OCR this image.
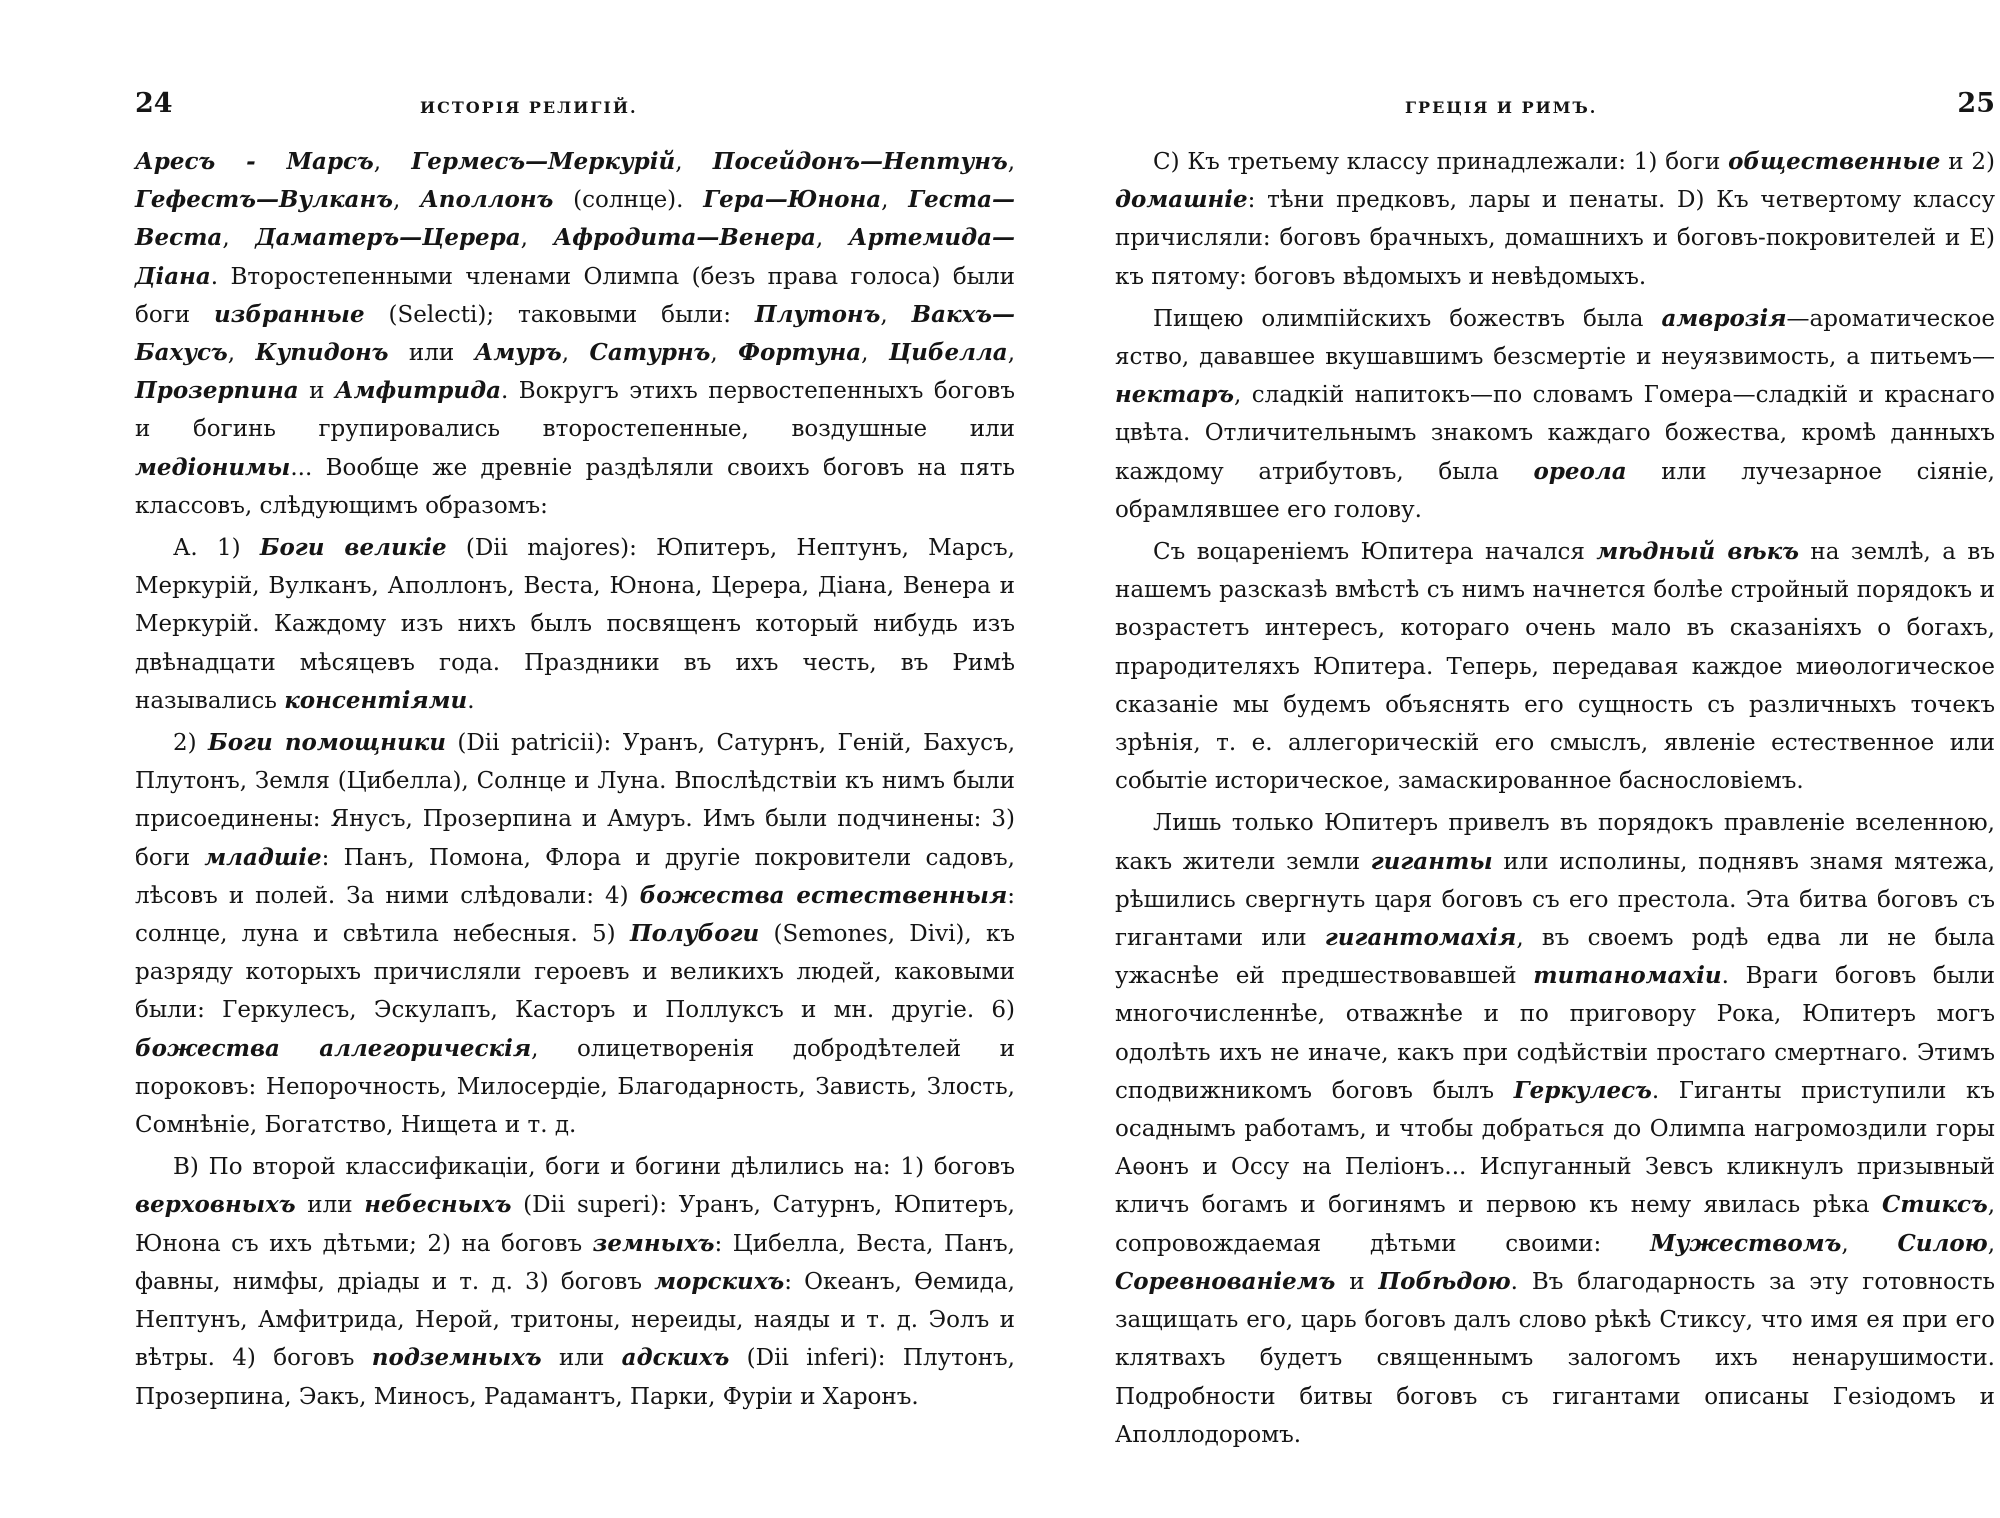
24	ИСТОРІЯ РЕЛИГІЙ.

Аресъ - Марсъ, Гермесъ—Меркурій, Посейдонъ—Нептунъ, Гефестъ—Вулканъ, Аполлонъ (солнце). Гера—Юнона, Геста—Веста, Даматеръ—Церера, Афродита—Венера, Артемида—Діана. Второстепенными членами Олимпа (безъ права голоса) были боги избранные (Selecti); таковыми были: Плутонъ, Вакхъ—Бахусъ, Купидонъ или Амуръ, Сатурнъ, Фортуна, Цибелла, Прозерпина и Амфитрида. Вокругъ этихъ первостепенныхъ боговъ и богинь групировались второстепенные, воздушные или медіонимы... Вообще же древніе раздѣляли своихъ боговъ на пять классовъ, слѣдующимъ образомъ:

А. 1) Боги великіе (Dii majores): Юпитеръ, Нептунъ, Марсъ, Меркурій, Вулканъ, Аполлонъ, Веста, Юнона, Церера, Діана, Венера и Меркурій. Каждому изъ нихъ былъ посвященъ который нибудь изъ двѣнадцати мѣсяцевъ года. Праздники въ ихъ честь, въ Римѣ назывались консентіями.

2) Боги помощники (Dii patricii): Уранъ, Сатурнъ, Геній, Бахусъ, Плутонъ, Земля (Цибелла), Солнце и Луна. Впослѣдствіи къ нимъ были присоединены: Янусъ, Прозерпина и Амуръ. Имъ были подчинены: 3) боги младшіе: Панъ, Помона, Флора и другіе покровители садовъ, лѣсовъ и полей. За ними слѣдовали: 4) божества естественныя: солнце, луна и свѣтила небесныя. 5) Полубоги (Semones, Divi), къ разряду которыхъ причисляли героевъ и великихъ людей, каковыми были: Геркулесъ, Эскулапъ, Касторъ и Поллуксъ и мн. другіе. 6) божества аллегорическія, олицетворенія добродѣтелей и пороковъ: Непорочность, Милосердіе, Благодарность, Зависть, Злость, Сомнѣніе, Богатство, Нищета и т. д.

В) По второй классификаціи, боги и богини дѣлились на: 1) боговъ верховныхъ или небесныхъ (Dii superi): Уранъ, Сатурнъ, Юпитеръ, Юнона съ ихъ дѣтьми; 2) на боговъ земныхъ: Цибелла, Веста, Панъ, фавны, нимфы, дріады и т. д. 3) боговъ морскихъ: Океанъ, Ѳемида, Нептунъ, Амфитрида, Нерой, тритоны, нереиды, наяды и т. д. Эолъ и вѣтры. 4) боговъ подземныхъ или адскихъ (Dii inferi): Плутонъ, Прозерпина, Эакъ, Миносъ, Радамантъ, Парки, Фуріи и Харонъ.

ГРЕЦІЯ И РИМЪ.	25

С) Къ третьему классу принадлежали: 1) боги общественные и 2) домашніе: тѣни предковъ, лары и пенаты. D) Къ четвертому классу причисляли: боговъ брачныхъ, домашнихъ и боговъ-покровителей и Е) къ пятому: боговъ вѣдомыхъ и невѣдомыхъ.

Пищею олимпійскихъ божествъ была амврозія—ароматическое яство, дававшее вкушавшимъ безсмертіе и неуязвимость, а питьемъ—нектаръ, сладкій напитокъ—по словамъ Гомера—сладкій и краснаго цвѣта. Отличительнымъ знакомъ каждаго божества, кромѣ данныхъ каждому атрибутовъ, была ореола или лучезарное сіяніе, обрамлявшее его голову.

Съ воцареніемъ Юпитера начался мѣдный вѣкъ на землѣ, а въ нашемъ разсказѣ вмѣстѣ съ нимъ начнется болѣе стройный порядокъ и возрастетъ интересъ, котораго очень мало въ сказаніяхъ о богахъ, прародителяхъ Юпитера. Теперь, передавая каждое миѳологическое сказаніе мы будемъ объяснять его сущность съ различныхъ точекъ зрѣнія, т. е. аллегорическій его смыслъ, явленіе естественное или событіе историческое, замаскированное баснословіемъ.

Лишь только Юпитеръ привелъ въ порядокъ правленіе вселенною, какъ жители земли гиганты или исполины, поднявъ знамя мятежа, рѣшились свергнуть царя боговъ съ его престола. Эта битва боговъ съ гигантами или гигантомахія, въ своемъ родѣ едва ли не была ужаснѣе ей предшествовавшей титаномахіи. Враги боговъ были многочисленнѣе, отважнѣе и по приговору Рока, Юпитеръ могъ одолѣть ихъ не иначе, какъ при содѣйствіи простаго смертнаго. Этимъ сподвижникомъ боговъ былъ Геркулесъ. Гиганты приступили къ осаднымъ работамъ, и чтобы добраться до Олимпа нагромоздили горы Аѳонъ и Оссу на Пеліонъ... Испуганный Зевсъ кликнулъ призывный кличъ богамъ и богинямъ и первою къ нему явилась рѣка Стиксъ, сопровождаемая дѣтьми своими: Мужествомъ, Силою, Соревнованіемъ и Побѣдою. Въ благодарность за эту готовность защищать его, царь боговъ далъ слово рѣкѣ Стиксу, что имя ея при его клятвахъ будетъ священнымъ залогомъ ихъ ненарушимости. Подробности битвы боговъ съ гигантами описаны Гезіодомъ и Аполлодоромъ.
